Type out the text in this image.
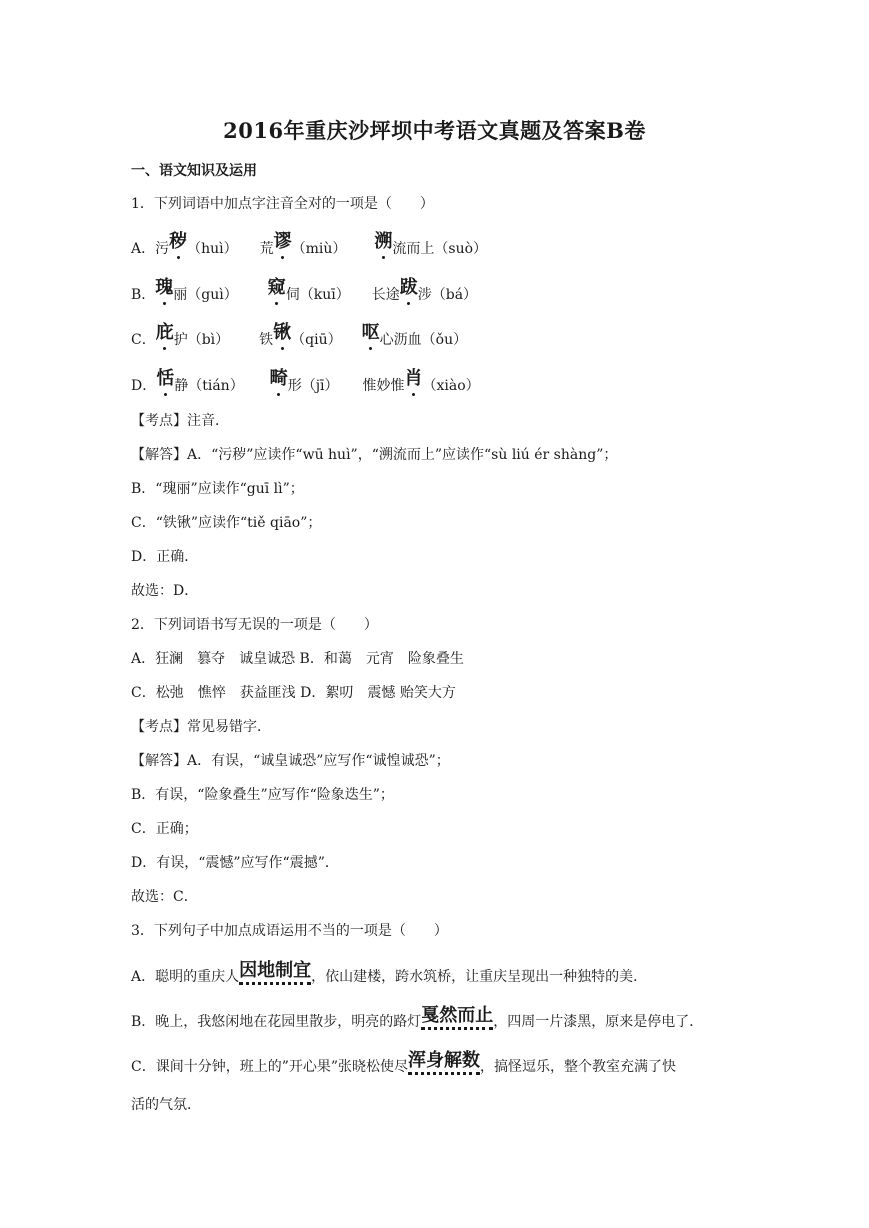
2016年重庆沙坪坝中考语文真题及答案B卷
一、语文知识及运用
1．下列词语中加点字注音全对的一项是（　　）
A．污秽（huì） 荒谬（miù） 溯流而上（suò）
B．瑰丽（guì） 窥伺（kuī） 长途跋涉（bá）
C．庇护（bì） 铁锹（qiū） 呕心沥血（ǒu）
D．恬静（tián） 畸形（jī） 惟妙惟肖（xiào）
【考点】注音．
【解答】A．“污秽”应读作“wū huì”，“溯流而上”应读作“sù liú ér shàng”；
B．“瑰丽”应读作“guī lì”；
C．“铁锹”应读作“tiě qiāo”；
D．正确．
故选：D．
2．下列词语书写无误的一项是（　　）
A．狂澜　篡夺　诚皇诚恐 B．和蔼　元宵　险象叠生
C．松弛　憔悴　获益匪浅 D．絮叨　震憾 贻笑大方
【考点】常见易错字．
【解答】A．有误，“诚皇诚恐”应写作“诚惶诚恐”；
B．有误，“险象叠生”应写作“险象迭生”；
C．正确；
D．有误，“震憾”应写作“震撼”．
故选：C．
3．下列句子中加点成语运用不当的一项是（　　）
A．聪明的重庆人因地制宜，依山建楼，跨水筑桥，让重庆呈现出一种独特的美．
B．晚上，我悠闲地在花园里散步，明亮的路灯戛然而止，四周一片漆黑，原来是停电了．
C．课间十分钟，班上的”开心果”张晓松使尽浑身解数，搞怪逗乐，整个教室充满了快
活的气氛．
